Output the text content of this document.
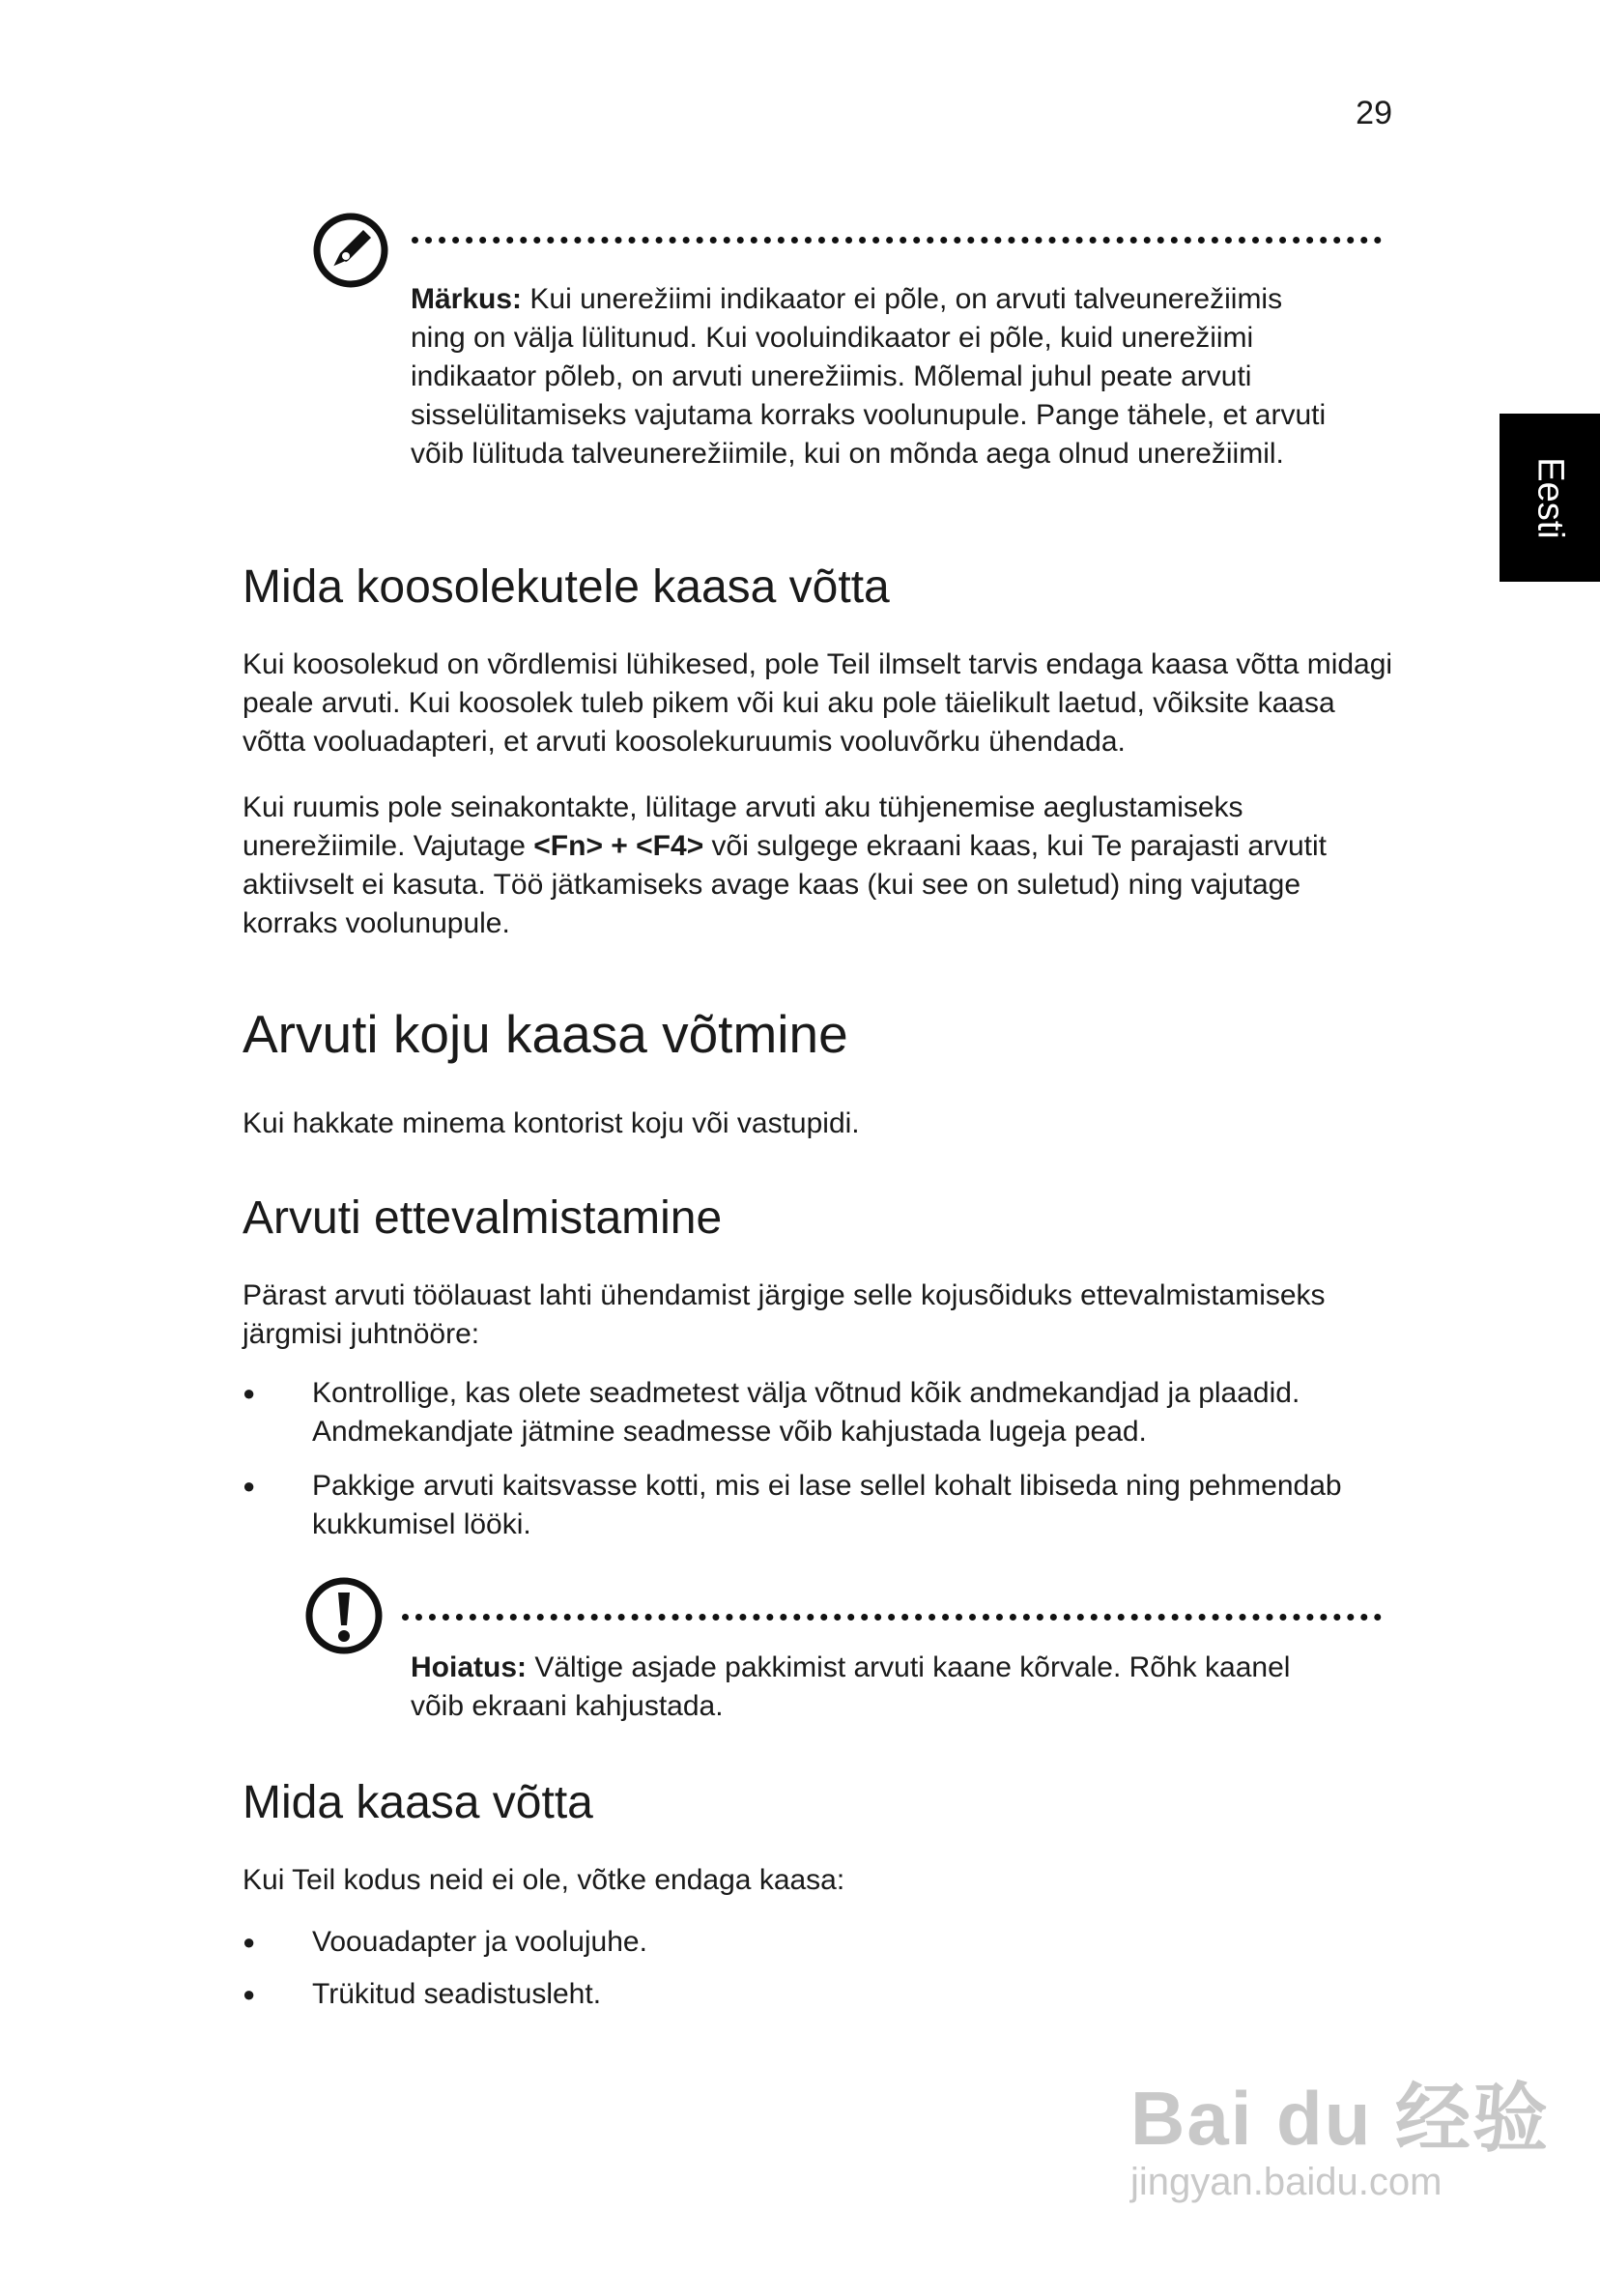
29
Eesti

Märkus: Kui unerežiimi indikaator ei põle, on arvuti talveunerežiimis ning on välja lülitunud. Kui vooluindikaator ei põle, kuid unerežiimi indikaator põleb, on arvuti unerežiimis. Mõlemal juhul peate arvuti sisselülitamiseks vajutama korraks voolunupule. Pange tähele, et arvuti võib lülituda talveunerežiimile, kui on mõnda aega olnud unerežiimil.

Mida koosolekutele kaasa võtta

Kui koosolekud on võrdlemisi lühikesed, pole Teil ilmselt tarvis endaga kaasa võtta midagi peale arvuti. Kui koosolek tuleb pikem või kui aku pole täielikult laetud, võiksite kaasa võtta vooluadapteri, et arvuti koosolekuruumis vooluvõrku ühendada.

Kui ruumis pole seinakontakte, lülitage arvuti aku tühjenemise aeglustamiseks unerežiimile. Vajutage <Fn> + <F4> või sulgege ekraani kaas, kui Te parajasti arvutit aktiivselt ei kasuta. Töö jätkamiseks avage kaas (kui see on suletud) ning vajutage korraks voolunupule.

Arvuti koju kaasa võtmine

Kui hakkate minema kontorist koju või vastupidi.

Arvuti ettevalmistamine

Pärast arvuti töölauast lahti ühendamist järgige selle kojusõiduks ettevalmistamiseks järgmisi juhtnööre:

● Kontrollige, kas olete seadmetest välja võtnud kõik andmekandjad ja plaadid. Andmekandjate jätmine seadmesse võib kahjustada lugeja pead.
● Pakkige arvuti kaitsvasse kotti, mis ei lase sellel kohalt libiseda ning pehmendab kukkumisel lööki.

Hoiatus: Vältige asjade pakkimist arvuti kaane kõrvale. Rõhk kaanel võib ekraani kahjustada.

Mida kaasa võtta

Kui Teil kodus neid ei ole, võtke endaga kaasa:

● Voouadapter ja voolujuhe.
● Trükitud seadistusleht.
Bai du 经验
jingyan.baidu.com
